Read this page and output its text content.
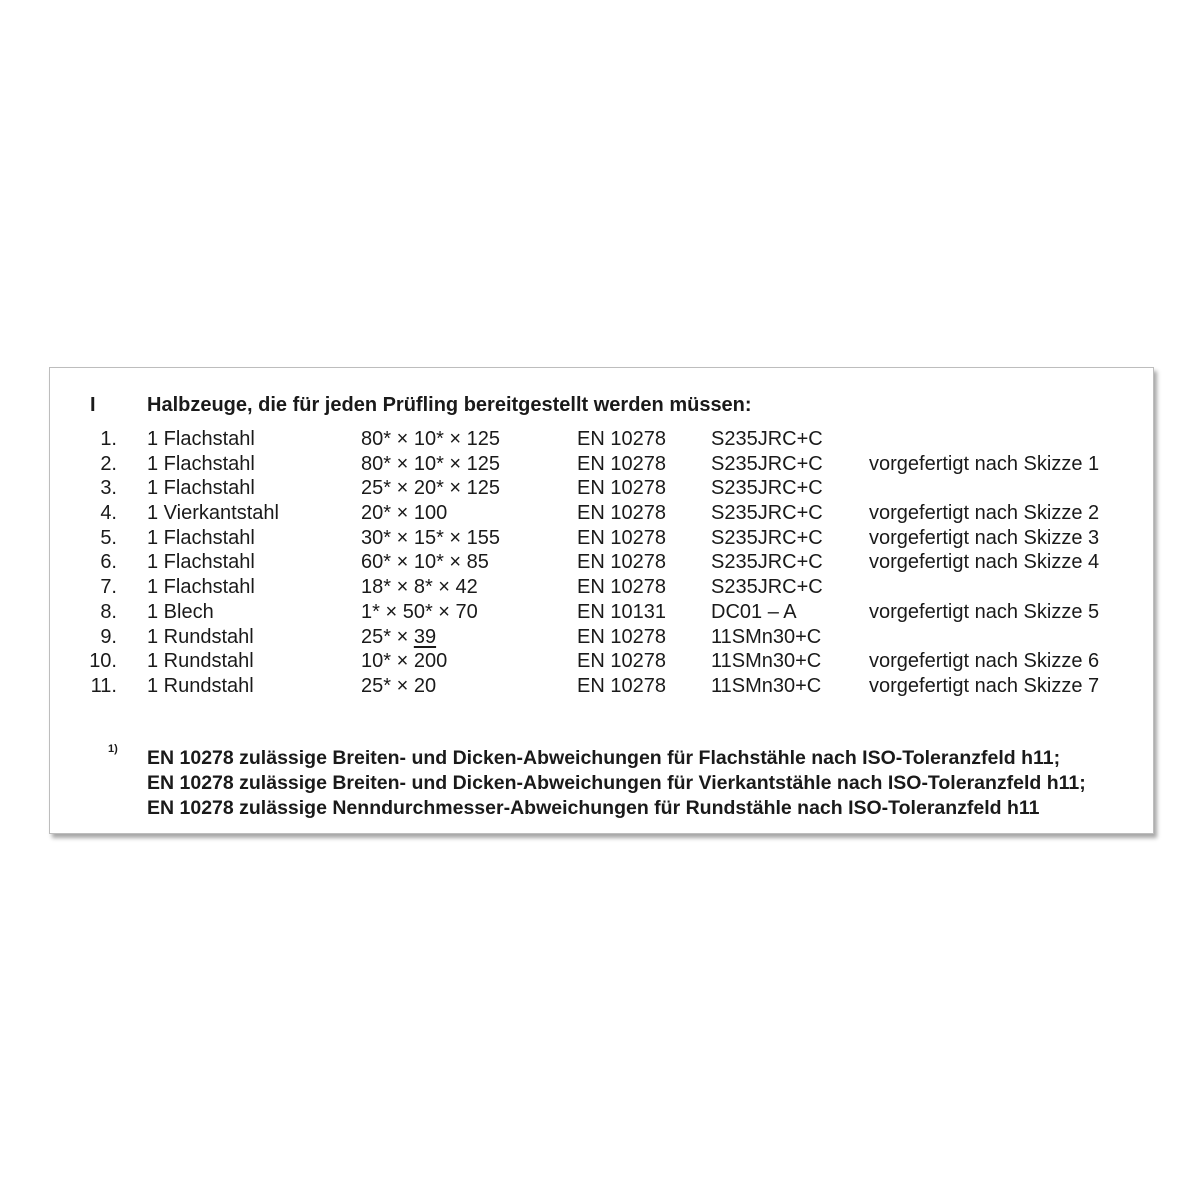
I	Halbzeuge, die für jeden Prüfling bereitgestellt werden müssen:
1. 1 Flachstahl	80* × 10* × 125	EN 10278 S235JRC+C
2. 1 Flachstahl	80* × 10* × 125	EN 10278 S235JRC+C vorgefertigt nach Skizze 1
3. 1 Flachstahl	25* × 20* × 125	EN 10278 S235JRC+C
4. 1 Vierkantstahl	20* × 100	EN 10278 S235JRC+C vorgefertigt nach Skizze 2
5. 1 Flachstahl	30* × 15* × 155	EN 10278 S235JRC+C vorgefertigt nach Skizze 3
6. 1 Flachstahl	60* × 10* × 85	EN 10278 S235JRC+C vorgefertigt nach Skizze 4
7. 1 Flachstahl	18* × 8* × 42	EN 10278 S235JRC+C
8. 1 Blech	1* × 50* × 70	EN 10131 DC01 – A	vorgefertigt nach Skizze 5
9. 1 Rundstahl	25* × 39	EN 10278 11SMn30+C
10. 1 Rundstahl	10* × 200	EN 10278 11SMn30+C vorgefertigt nach Skizze 6
11. 1 Rundstahl	25* × 20	EN 10278 11SMn30+C vorgefertigt nach Skizze 7
1) EN 10278 zulässige Breiten- und Dicken-Abweichungen für Flachstähle nach ISO-Toleranzfeld h11;
EN 10278 zulässige Breiten- und Dicken-Abweichungen für Vierkantstähle nach ISO-Toleranzfeld h11;
EN 10278 zulässige Nenndurchmesser-Abweichungen für Rundstähle nach ISO-Toleranzfeld h11
